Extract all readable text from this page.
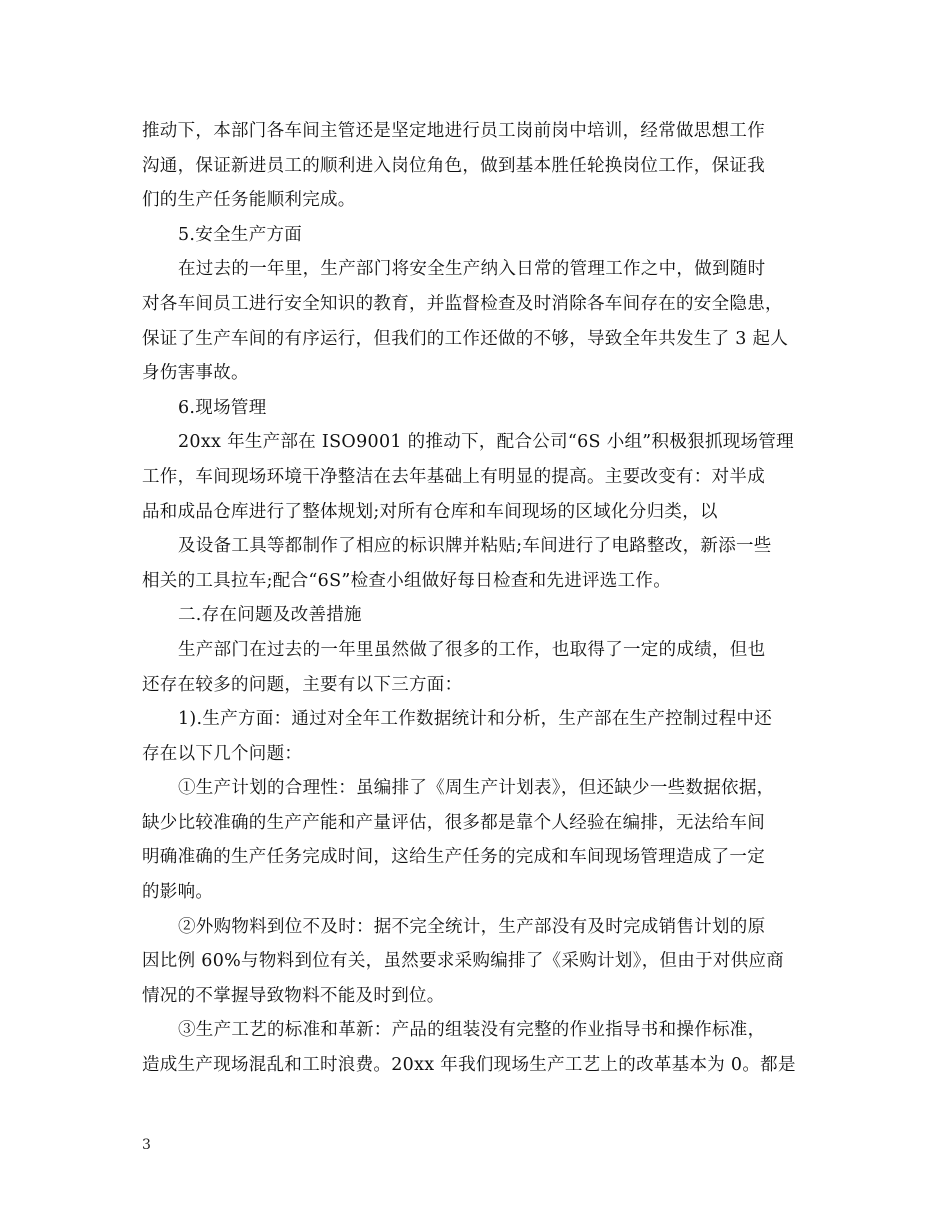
推动下，本部门各车间主管还是坚定地进行员工岗前岗中培训，经常做思想工作
沟通，保证新进员工的顺利进入岗位角色，做到基本胜任轮换岗位工作，保证我
们的生产任务能顺利完成。
5.安全生产方面
在过去的一年里，生产部门将安全生产纳入日常的管理工作之中，做到随时
对各车间员工进行安全知识的教育，并监督检查及时消除各车间存在的安全隐患，
保证了生产车间的有序运行，但我们的工作还做的不够，导致全年共发生了 3 起人
身伤害事故。
6.现场管理
20xx 年生产部在 ISO9001 的推动下，配合公司“6S 小组”积极狠抓现场管理
工作，车间现场环境干净整洁在去年基础上有明显的提高。主要改变有：对半成
品和成品仓库进行了整体规划;对所有仓库和车间现场的区域化分归类，以
及设备工具等都制作了相应的标识牌并粘贴;车间进行了电路整改，新添一些
相关的工具拉车;配合“6S”检查小组做好每日检查和先进评选工作。
二.存在问题及改善措施
生产部门在过去的一年里虽然做了很多的工作，也取得了一定的成绩，但也
还存在较多的问题，主要有以下三方面：
1).生产方面：通过对全年工作数据统计和分析，生产部在生产控制过程中还
存在以下几个问题：
①生产计划的合理性：虽编排了《周生产计划表》，但还缺少一些数据依据，
缺少比较准确的生产产能和产量评估，很多都是靠个人经验在编排，无法给车间
明确准确的生产任务完成时间，这给生产任务的完成和车间现场管理造成了一定
的影响。
②外购物料到位不及时：据不完全统计，生产部没有及时完成销售计划的原
因比例 60%与物料到位有关，虽然要求采购编排了《采购计划》，但由于对供应商
情况的不掌握导致物料不能及时到位。
③生产工艺的标准和革新：产品的组装没有完整的作业指导书和操作标准，
造成生产现场混乱和工时浪费。20xx 年我们现场生产工艺上的改革基本为 0。都是
3
